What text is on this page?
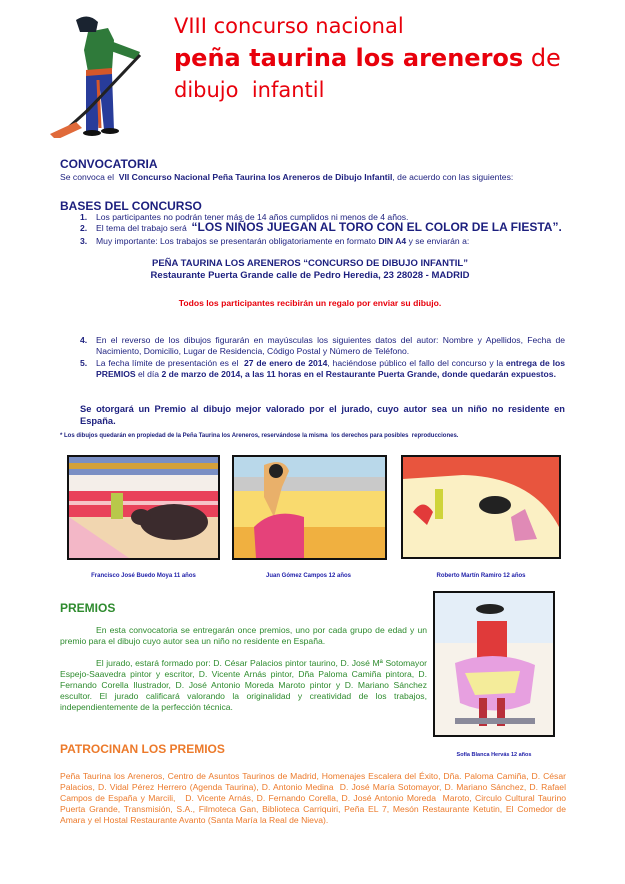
VIII concurso nacional
peña taurina los areneros de
dibujo  infantil
CONVOCATORIA
Se convoca el  VII Concurso Nacional Peña Taurina los Areneros de Dibujo Infantil, de acuerdo con las siguientes:
BASES DEL CONCURSO
1. Los participantes no podrán tener más de 14 años cumplidos ni menos de 4 años.
2. El tema del trabajo será  “LOS NIÑOS JUEGAN AL TORO CON EL COLOR DE LA FIESTA”.
3. Muy importante: Los trabajos se presentarán obligatoriamente en formato DIN A4 y se enviarán a:
PEÑA TAURINA LOS ARENEROS “CONCURSO DE DIBUJO INFANTIL”
Restaurante Puerta Grande calle de Pedro Heredia, 23 28028 - MADRID
Todos los participantes recibirán un regalo por enviar su dibujo.
4.	En el reverso de los dibujos figurarán en mayúsculas los siguientes datos del autor: Nombre y Apellidos, Fecha de Nacimiento, Domicilio, Lugar de Residencia, Código Postal y Número de Teléfono.
5.	La fecha límite de presentación es el  27 de enero de 2014, haciéndose público el fallo del concurso y la entrega de los PREMIOS el día 2 de marzo de 2014, a las 11 horas en el Restaurante Puerta Grande, donde quedarán expuestos.
Se otorgará un Premio al dibujo mejor valorado por el jurado, cuyo autor sea un niño no residente en España.
* Los dibujos quedarán en propiedad de la Peña Taurina los Areneros, reservándose la misma  los derechos para posibles  reproducciones.
Francisco José Buedo Moya 11 años	Juan Gómez Campos 12 años	Roberto Martín Ramiro 12 años
PREMIOS
En esta convocatoria se entregarán once premios, uno por cada grupo de edad y un premio para el dibujo cuyo autor sea un niño no residente en España.
El jurado, estará formado por: D. César Palacios pintor taurino, D. José Mª Sotomayor Espejo-Saavedra pintor y escritor, D. Vicente Arnás pintor, Dña Paloma Camiña pintora, D. Fernando Corella Ilustrador, D. José Antonio Moreda Maroto pintor y D. Mariano Sánchez escultor. El jurado calificará valorando la originalidad y creatividad de los trabajos, independientemente de la perfección técnica.
Sofía Blanca Hervás 12 años
PATROCINAN LOS PREMIOS
Peña Taurina los Areneros, Centro de Asuntos Taurinos de Madrid, Homenajes Escalera del Éxito, Dña. Paloma Camiña, D. César Palacios, D. Vidal Pérez Herrero (Agenda Taurina), D. Antonio Medina  D. José María Sotomayor, D. Mariano Sánchez, D. Rafael Campos de España y Marcili,   D. Vicente Arnás, D. Fernando Corella, D. José Antonio Moreda  Maroto, Circulo Cultural Taurino Puerta Grande, Transmisión, S.A., Filmoteca Gan, Biblioteca Carriquiri, Peña EL 7, Mesón Restaurante Ketutin, El Comedor de Amara y el Hostal Restaurante Avanto (Santa María la Real de Nieva).
